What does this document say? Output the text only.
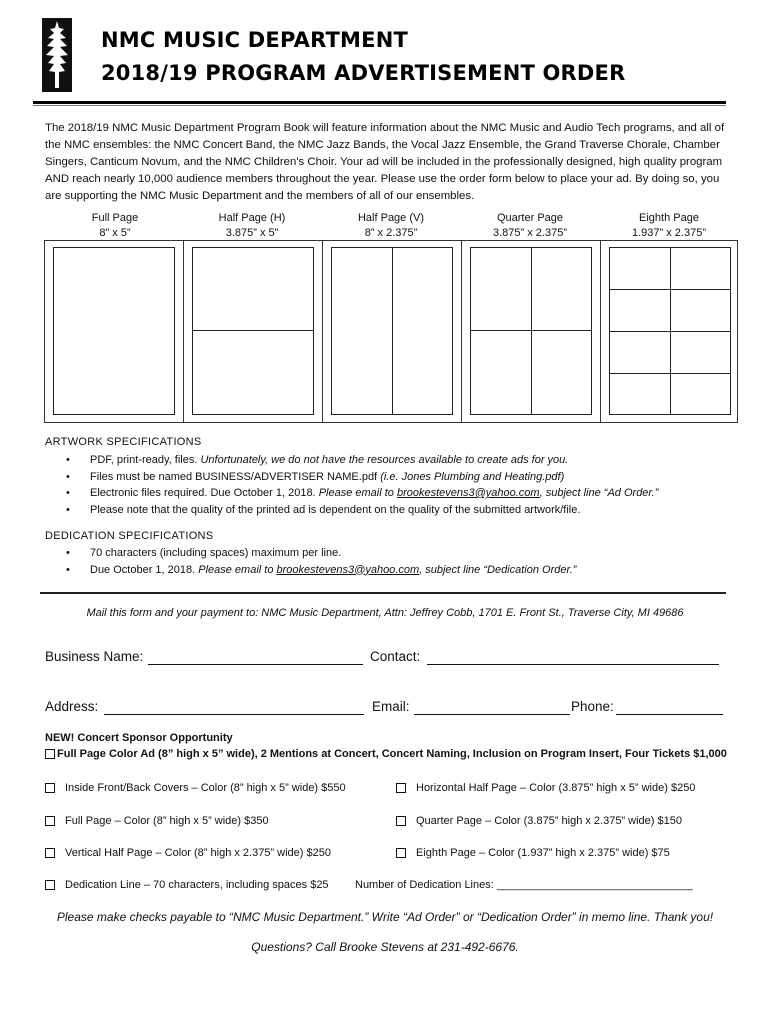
NMC MUSIC DEPARTMENT
2018/19 PROGRAM ADVERTISEMENT ORDER
The 2018/19 NMC Music Department Program Book will feature information about the NMC Music and Audio Tech programs, and all of the NMC ensembles: the NMC Concert Band, the NMC Jazz Bands, the Vocal Jazz Ensemble, the Grand Traverse Chorale, Chamber Singers, Canticum Novum, and the NMC Children's Choir. Your ad will be included in the professionally designed, high quality program AND reach nearly 10,000 audience members throughout the year. Please use the order form below to place your ad. By doing so, you are supporting the NMC Music Department and the members of all of our ensembles.
Full Page
8” x 5”
Half Page (H)
3.875” x 5”
Half Page (V)
8” x 2.375”
Quarter Page
3.875” x 2.375”
Eighth Page
1.937” x 2.375”
ARTWORK SPECIFICATIONS
• PDF, print-ready, files. Unfortunately, we do not have the resources available to create ads for you.
• Files must be named BUSINESS/ADVERTISER NAME.pdf (i.e. Jones Plumbing and Heating.pdf)
• Electronic files required. Due October 1, 2018. Please email to brookestevens3@yahoo.com, subject line “Ad Order.”
• Please note that the quality of the printed ad is dependent on the quality of the submitted artwork/file.
DEDICATION SPECIFICATIONS
• 70 characters (including spaces) maximum per line.
• Due October 1, 2018. Please email to brookestevens3@yahoo.com, subject line “Dedication Order.”
Mail this form and your payment to: NMC Music Department, Attn: Jeffrey Cobb, 1701 E. Front St., Traverse City, MI 49686
Business Name:	Contact:
Address:	Email:	Phone:
NEW! Concert Sponsor Opportunity
Full Page Color Ad (8” high x 5” wide), 2 Mentions at Concert, Concert Naming, Inclusion on Program Insert, Four Tickets $1,000
Inside Front/Back Covers – Color (8” high x 5” wide) $550	Horizontal Half Page – Color (3.875” high x 5” wide) $250
Full Page – Color (8” high x 5” wide) $350	Quarter Page – Color (3.875” high x 2.375” wide) $150
Vertical Half Page – Color (8” high x 2.375” wide) $250	Eighth Page – Color (1.937” high x 2.375” wide) $75
Dedication Line – 70 characters, including spaces $25 Number of Dedication Lines: ________________________________
Please make checks payable to “NMC Music Department.” Write “Ad Order” or “Dedication Order” in memo line. Thank you!
Questions? Call Brooke Stevens at 231-492-6676.
